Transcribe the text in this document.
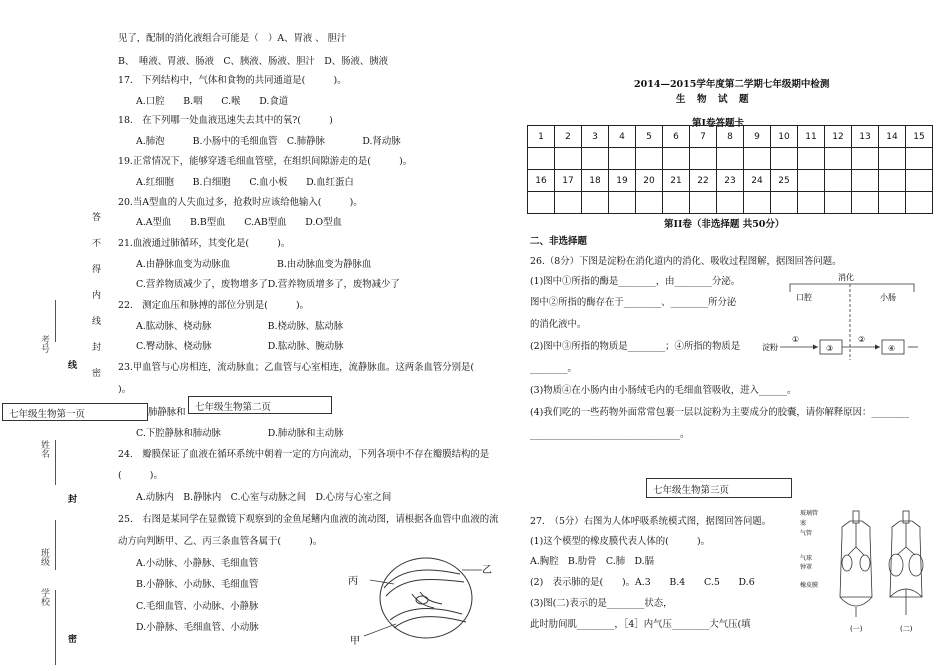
考号
姓名
班级
学校
答
不
得
内
线
封
密
线
封
密
见了，配制的消化液组合可能是（　）A、胃液 、 胆汁
B、　唾液、胃液、肠液　C、胰液、肠液、胆汁　D、肠液、胰液
17.　下列结构中，气体和食物的共同通道是(　　　)。
A.口腔　　B.咽　　C.喉　　D.食道
18.　在下列哪一处血液迅速失去其中的氧?(　　　)
A.肺泡　　　B.小肠中的毛细血管　C.肺静脉　　　　D.肾动脉
19.正常情况下，能够穿透毛细血管壁，在组织间隙游走的是(　　　)。
A.红细胞　　B.白细胞　　C.血小板　　D.血红蛋白
20.当A型血的人失血过多，抢救时应该给他输入(　　　)。
A.A型血　　B.B型血　　C.AB型血　　D.O型血
21.血液通过肺循环，其变化是(　　　)。
A.由静脉血变为动脉血　　　　　B.由动脉血变为静脉血
C.营养物质减少了，废物增多了D.营养物质增多了，废物减少了
22.　测定血压和脉搏的部位分别是(　　　)。
A.肱动脉、桡动脉　　　　　　B.桡动脉、肱动脉
C.臀动脉、桡动脉　　　　　　D.肱动脉、腕动脉
23.甲血管与心房相连，流动脉血；乙血管与心室相连，流静脉血。这两条血管分别是(
)。
肺静脉和
C.下腔静脉和肺动脉　　　　　D.肺动脉和主动脉
24.　瓣膜保证了血液在循环系统中朝着一定的方向流动，下列各项中不存在瓣膜结构的是
(　　　)。
A.动脉内　B.静脉内　C.心室与动脉之间　D.心房与心室之间
25.　右图是某同学在显微镜下观察到的金鱼尾鳍内血液的流动图，请根据各血管中血液的流
动方向判断甲、乙、丙三条血管各属于(　　　)。
A.小动脉、小静脉、毛细血管
B.小静脉、小动脉、毛细血管
C.毛细血管、小动脉、小静脉
D.小静脉、毛细血管、小动脉
丙
乙
甲
七年级生物第一页
七年级生物第二页
2014—2015学年度第二学期七年级期中检测
生　物　试　题
第Ⅰ卷答题卡
1	2	3	4	5	6	7	8	9	10	11	12	13	14	15

16	17	18	19	20	21	22	23	24	25					

第II卷（非选择题 共50分）
二、非选择题
26.（8分）下图是淀粉在消化道内的消化、吸收过程图解，据图回答问题。
(1)图中①所指的酶是________，由________分泌。
图中②所指的酶存在于________、________所分泌
的消化液中。
(2)图中③所指的物质是________；④所指的物质是
________。
(3)物质④在小肠内由小肠绒毛内的毛细血管吸收，进入______。
(4)我们吃的一些药物外面常常包裹一层以淀粉为主要成分的胶囊，请你解释原因：________
________________________________。
消化
口腔	小肠
淀粉
①
③
②
④
七年级生物第三页
27.　（5分）右图为人体呼吸系统模式图，据图回答问题。
(1)这个模型的橡皮膜代表人体的(　　　)。
A.胸腔　B.肋骨　C.肺　D.膈
(2)　表示肺的是(　　)。A.3　　B.4　　C.5　　D.6
(3)图(二)表示的是________状态，
此时肋间肌________，［4］内气压________大气压(填
玻璃管
塞
气管
气球
钟罩
橡皮膜
(一)	(二)
